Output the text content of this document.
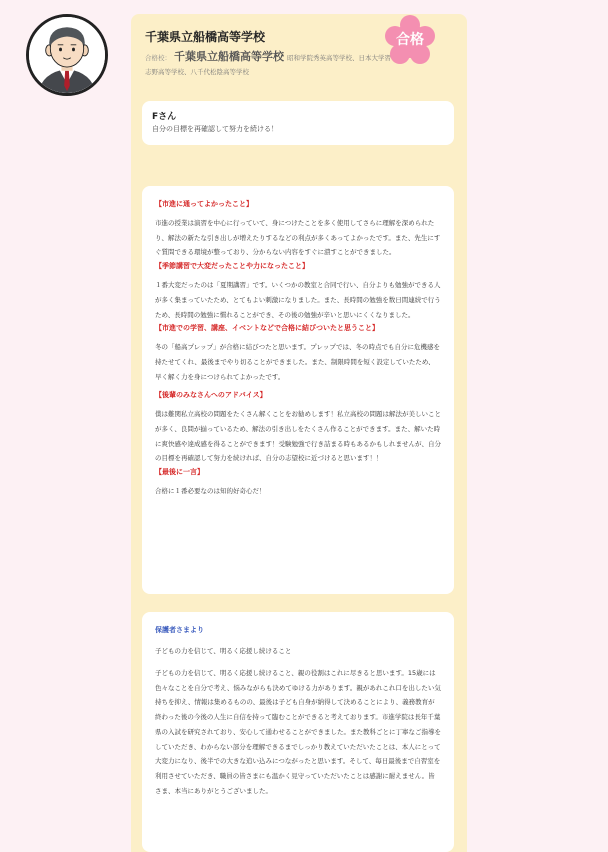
千葉県立船橋高等学校
合格校： 千葉県立船橋高等学校 昭和学院秀英高等学校、日本大学習志野高等学校、八千代松陰高等学校
合格

Fさん

自分の目標を再確認して努力を続ける！

【市進に通ってよかったこと】

市進の授業は演習を中心に行っていて、身につけたことを多く使用してさらに理解を深められたり、解法の新たな引き出しが増えたりするなどの利点が多くあってよかったです。また、先生にすぐ質問できる環境が整っており、分からない内容をすぐに潰すことができました。

【季節講習で大変だったことや力になったこと】

１番大変だったのは「夏期講習」です。いくつかの教室と合同で行い、自分よりも勉強ができる人が多く集まっていたため、とてもよい刺激になりました。また、長時間の勉強を数日間連続で行うため、長時間の勉強に慣れることができ、その後の勉強が辛いと思いにくくなりました。

【市進での学習、講座、イベントなどで合格に結びついたと思うこと】

冬の「船高プレップ」が合格に結びつたと思います。プレップでは、冬の時点でも自分に危機感を持たせてくれ、最後までやり切ることができました。また、制限時間を短く設定していたため、早く解く力を身につけられてよかったです。

【後輩のみなさんへのアドバイス】

僕は難関私立高校の問題をたくさん解くことをお勧めします！私立高校の問題は解法が美しいことが多く、良問が揃っているため、解法の引き出しをたくさん作ることができます。また、解いた時に爽快感や達成感を得ることができます！受験勉強で行き詰まる時もあるかもしれませんが、自分の目標を再確認して努力を続ければ、自分の志望校に近づけると思います！！

【最後に一言】

合格に１番必要なのは知的好奇心だ！

保護者さまより

子どもの力を信じて、明るく応援し続けること

子どもの力を信じて、明るく応援し続けること、親の役割はこれに尽きると思います。15歳には色々なことを自分で考え、悩みながらも決めてゆける力があります。親があれこれ口を出したい気持ちを抑え、情報は集めるものの、最後は子ども自身が納得して決めることにより、義務教育が終わった後の今後の人生に自信を持って臨むことができると考えております。市進学院は長年千葉県の入試を研究されており、安心して通わせることができました。また教科ごとに丁寧なご指導をしていただき、わからない部分を理解できるまでしっかり教えていただいたことは、本人にとって大変力になり、後半での大きな追い込みにつながったと思います。そして、毎日最後まで自習室を利用させていただき、職員の皆さまにも温かく見守っていただいたことは感謝に耐えません。皆さま、本当にありがとうございました。
